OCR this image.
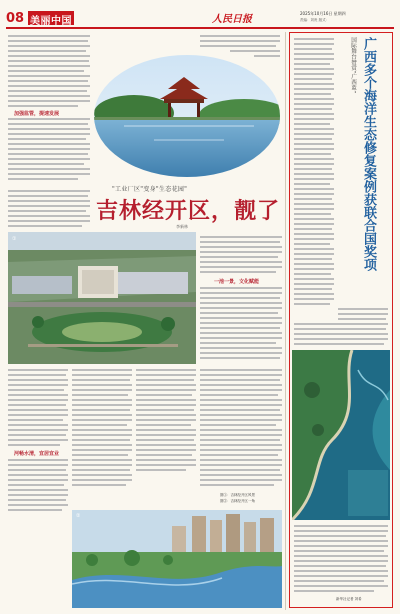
08 美丽中国	人民日报
2025年10月16日 星期四
责编：刘贵 版式：
加强监管，提速发展
"工业厂区"变身"生态花园"
吉林经开区，靓了
李新林
①
一池一景，文化赋能
河畅水清，宜居宜业
图①：吉林经开区风景
图②：吉林经开区一角
②
国际舞台赞赏“广西蓝” 广西多个海洋生态修复案例获联合国奖项
新华社记者 刘希
